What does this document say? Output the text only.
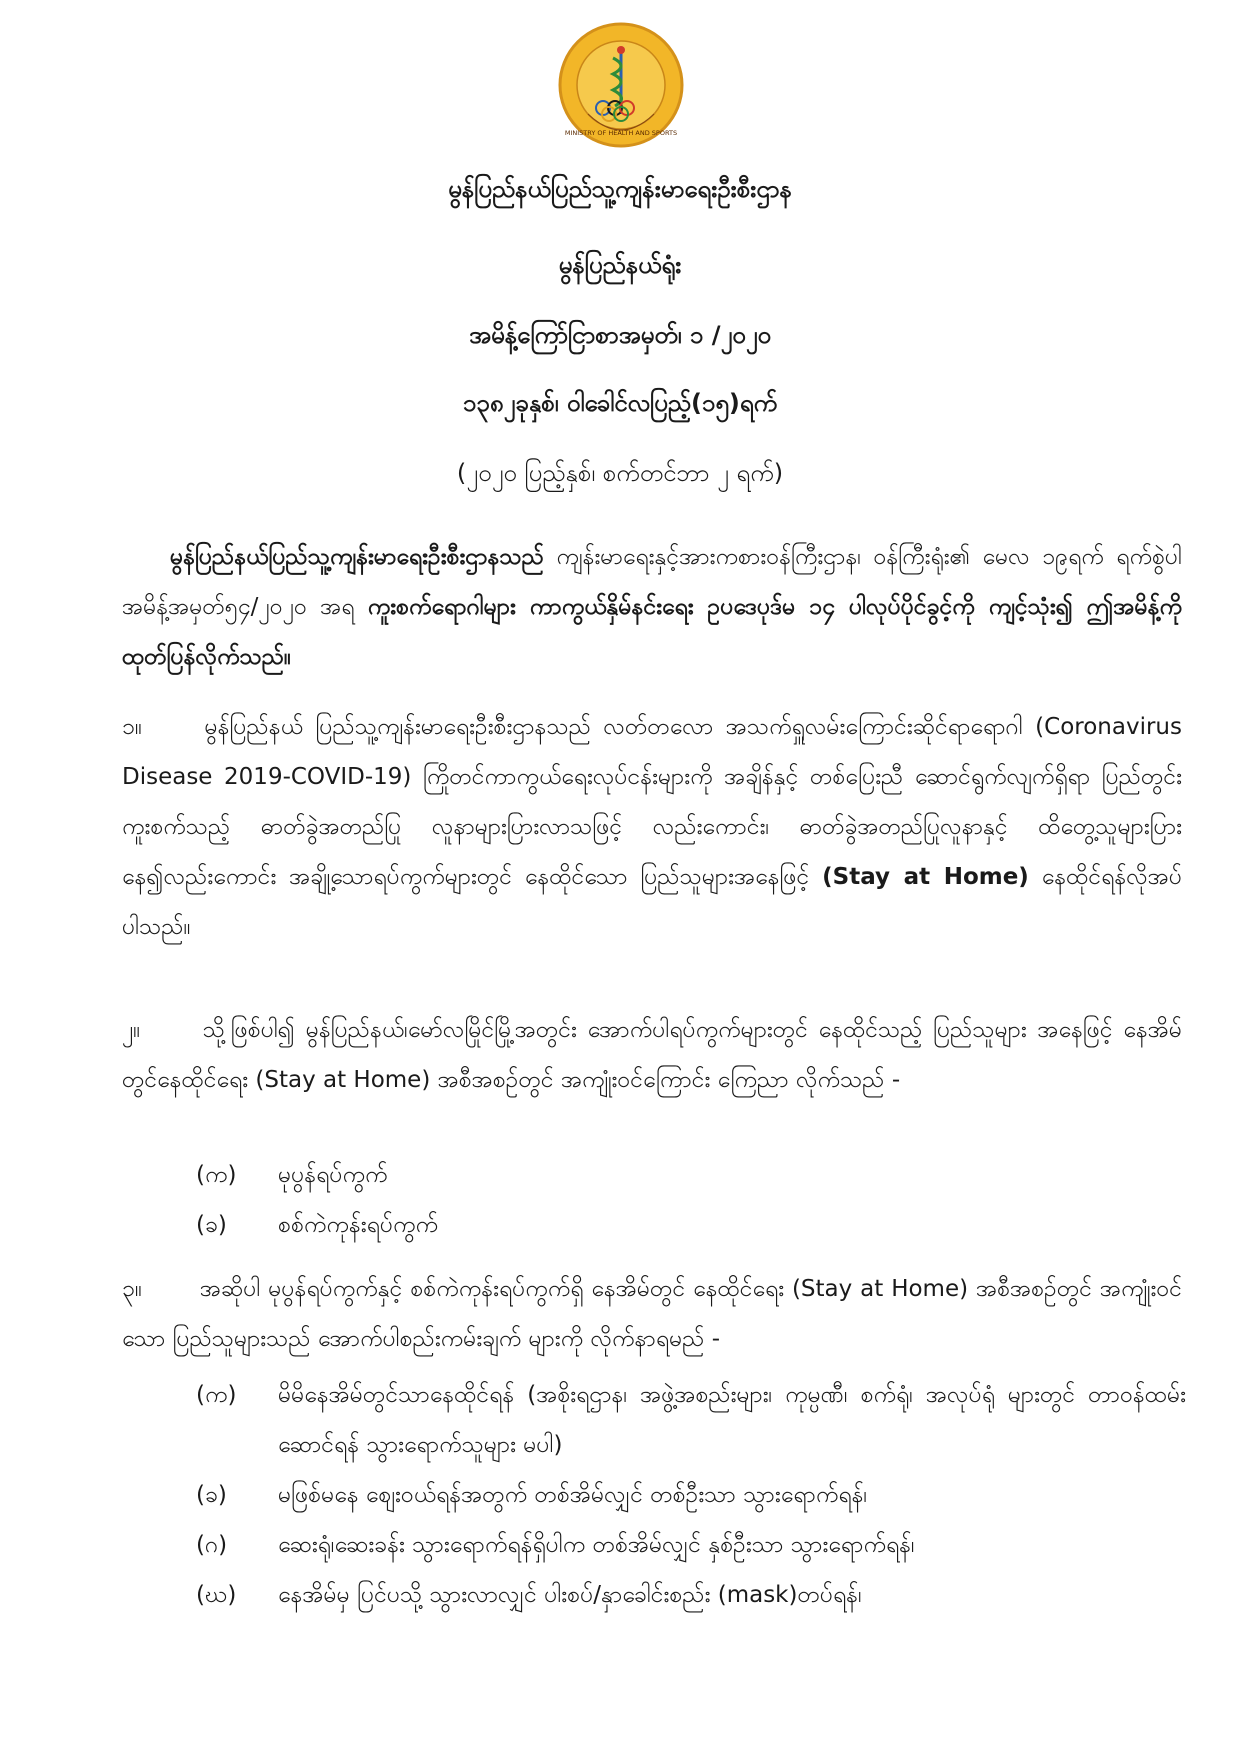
MINISTRY OF HEALTH AND SPORTS
မွန်ပြည်နယ်ပြည်သူ့ကျန်းမာရေးဦးစီးဌာန
မွန်ပြည်နယ်ရုံး
အမိန့်ကြော်ငြာစာအမှတ်၊ ၁ /၂၀၂၀
၁၃၈၂ခုနှစ်၊ ဝါခေါင်လပြည့်(၁၅)ရက်
(၂၀၂၀ ပြည့်နှစ်၊ စက်တင်ဘာ ၂ ရက်)
မွန်ပြည်နယ်ပြည်သူ့ကျန်းမာရေးဦးစီးဌာနသည် ကျန်းမာရေးနှင့်အားကစားဝန်ကြီးဌာန၊ ဝန်ကြီးရုံး၏ မေလ ၁၉ရက် ရက်စွဲပါ အမိန့်အမှတ်၅၄/၂၀၂၀ အရ ကူးစက်ရောဂါများ ကာကွယ်နှိမ်နင်းရေး ဥပဒေပုဒ်မ ၁၄ ပါလုပ်ပိုင်ခွင့်ကို ကျင့်သုံး၍ ဤအမိန့်ကို ထုတ်ပြန်လိုက်သည်။
၁။	မွန်ပြည်နယ် ပြည်သူ့ကျန်းမာရေးဦးစီးဌာနသည် လတ်တလော အသက်ရှူလမ်းကြောင်းဆိုင်ရာရောဂါ (Coronavirus Disease 2019-COVID-19) ကြိုတင်ကာကွယ်ရေးလုပ်ငန်းများကို အချိန်နှင့် တစ်ပြေးညီ ဆောင်ရွက်လျက်ရှိရာ ပြည်တွင်းကူးစက်သည့် ဓာတ်ခွဲအတည်ပြု လူနာများပြားလာသဖြင့် လည်းကောင်း၊ ဓာတ်ခွဲအတည်ပြုလူနာနှင့် ထိတွေ့သူများပြားနေ၍လည်းကောင်း အချို့သောရပ်ကွက်များတွင် နေထိုင်သော ပြည်သူများအနေဖြင့် (Stay at Home) နေထိုင်ရန်လိုအပ်ပါသည်။
၂။	သို့ဖြစ်ပါ၍ မွန်ပြည်နယ်၊မော်လမြိုင်မြို့အတွင်း အောက်ပါရပ်ကွက်များတွင် နေထိုင်သည့် ပြည်သူများ အနေဖြင့် နေအိမ်တွင်နေထိုင်ရေး (Stay at Home) အစီအစဉ်တွင် အကျုံးဝင်ကြောင်း ကြေညာ လိုက်သည် -
(က)	မုပွန်ရပ်ကွက်
(ခ)	စစ်ကဲကုန်းရပ်ကွက်
၃။	အဆိုပါ မုပွန်ရပ်ကွက်နှင့် စစ်ကဲကုန်းရပ်ကွက်ရှိ နေအိမ်တွင် နေထိုင်ရေး (Stay at Home) အစီအစဉ်တွင် အကျုံးဝင်သော ပြည်သူများသည် အောက်ပါစည်းကမ်းချက် များကို လိုက်နာရမည် -
(က)	မိမိနေအိမ်တွင်သာနေထိုင်ရန် (အစိုးရဌာန၊ အဖွဲ့အစည်းများ၊ ကုမ္ပဏီ၊ စက်ရုံ၊ အလုပ်ရုံ များတွင် တာဝန်ထမ်းဆောင်ရန် သွားရောက်သူများ မပါ)
(ခ)	မဖြစ်မနေ စျေးဝယ်ရန်အတွက် တစ်အိမ်လျှင် တစ်ဦးသာ သွားရောက်ရန်၊
(ဂ)	ဆေးရုံ၊ဆေးခန်း သွားရောက်ရန်ရှိပါက တစ်အိမ်လျှင် နှစ်ဦးသာ သွားရောက်ရန်၊
(ဃ)	နေအိမ်မှ ပြင်ပသို့ သွားလာလျှင် ပါးစပ်/နှာခေါင်းစည်း (mask)တပ်ရန်၊
